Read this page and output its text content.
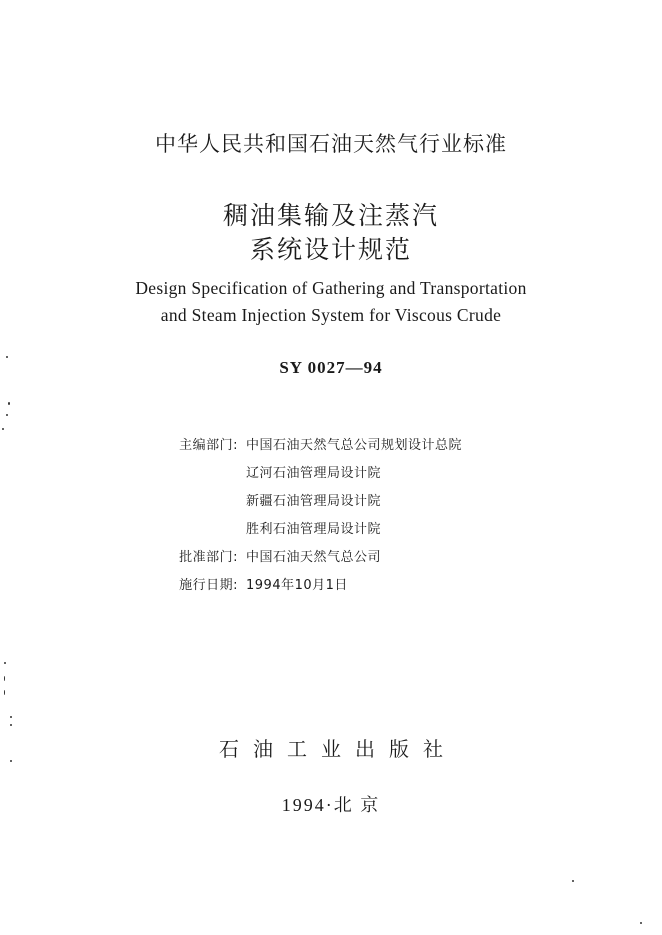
中华人民共和国石油天然气行业标准
稠油集输及注蒸汽
系统设计规范
Design Specification of Gathering and Transportation
and Steam Injection System for Viscous Crude
SY 0027—94
主编部门: 中国石油天然气总公司规划设计总院
辽河石油管理局设计院
新疆石油管理局设计院
胜利石油管理局设计院
批准部门: 中国石油天然气总公司
施行日期: 1994年10月1日
石油工业出版社
1994·北 京
